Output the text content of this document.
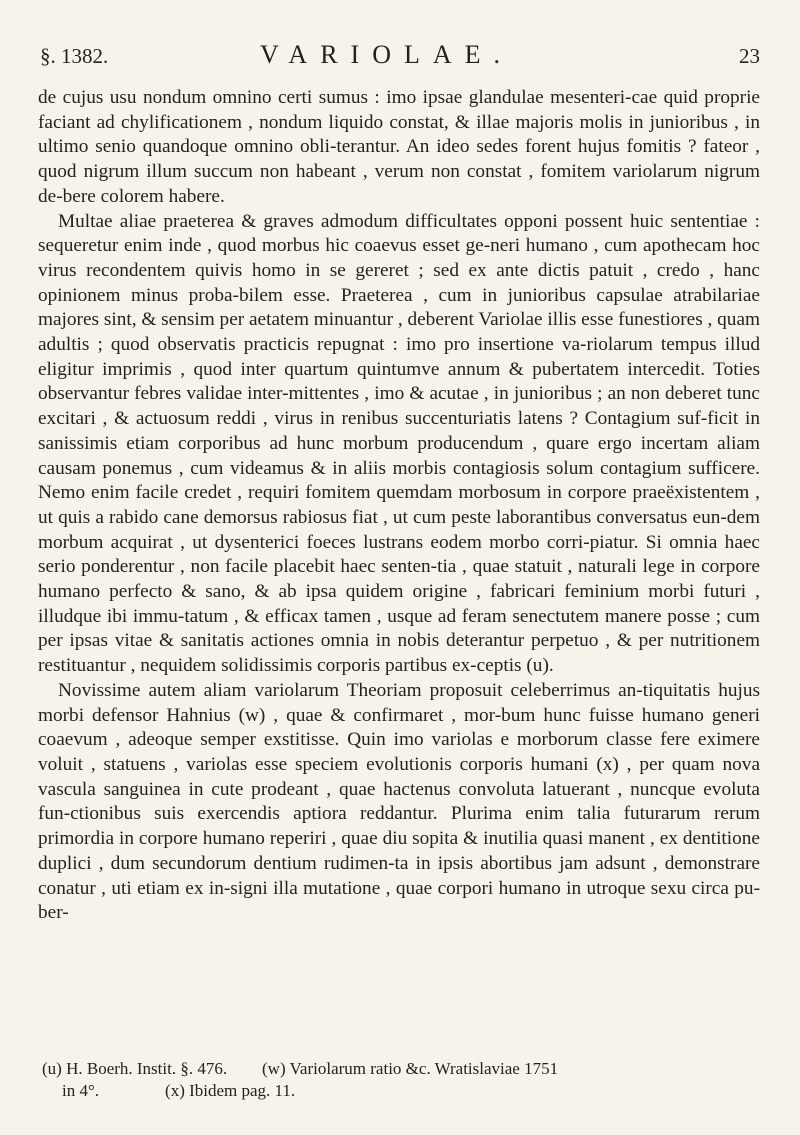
§. 1382.	VARIOLAE.	23

de cujus usu nondum omnino certi sumus : imo ipsae glandulae mesenteri-cae quid proprie faciant ad chylificationem , nondum liquido constat, & illae majoris molis in junioribus , in ultimo senio quandoque omnino obli-terantur. An ideo sedes forent hujus fomitis ? fateor , quod nigrum illum succum non habeant , verum non constat , fomitem variolarum nigrum de-bere colorem habere.

Multae aliae praeterea & graves admodum difficultates opponi possent huic sententiae : sequeretur enim inde , quod morbus hic coaevus esset ge-neri humano , cum apothecam hoc virus recondentem quivis homo in se gereret ; sed ex ante dictis patuit , credo , hanc opinionem minus proba-bilem esse. Praeterea , cum in junioribus capsulae atrabilariae majores sint, & sensim per aetatem minuantur , deberent Variolae illis esse funestiores , quam adultis ; quod observatis practicis repugnat : imo pro insertione va-riolarum tempus illud eligitur imprimis , quod inter quartum quintumve annum & pubertatem intercedit. Toties observantur febres validae inter-mittentes , imo & acutae , in junioribus ; an non deberet tunc excitari , & actuosum reddi , virus in renibus succenturiatis latens ? Contagium suf-ficit in sanissimis etiam corporibus ad hunc morbum producendum , quare ergo incertam aliam causam ponemus , cum videamus & in aliis morbis contagiosis solum contagium sufficere. Nemo enim facile credet , requiri fomitem quemdam morbosum in corpore praeëxistentem , ut quis a rabido cane demorsus rabiosus fiat , ut cum peste laborantibus conversatus eun-dem morbum acquirat , ut dysenterici foeces lustrans eodem morbo corri-piatur. Si omnia haec serio ponderentur , non facile placebit haec senten-tia , quae statuit , naturali lege in corpore humano perfecto & sano, & ab ipsa quidem origine , fabricari feminium morbi futuri , illudque ibi immu-tatum , & efficax tamen , usque ad feram senectutem manere posse ; cum per ipsas vitae & sanitatis actiones omnia in nobis deterantur perpetuo , & per nutritionem restituantur , nequidem solidissimis corporis partibus ex-ceptis (u).

Novissime autem aliam variolarum Theoriam proposuit celeberrimus an-tiquitatis hujus morbi defensor Hahnius (w) , quae & confirmaret , mor-bum hunc fuisse humano generi coaevum , adeoque semper exstitisse. Quin imo variolas e morborum classe fere eximere voluit , statuens , variolas esse speciem evolutionis corporis humani (x) , per quam nova vascula sanguinea in cute prodeant , quae hactenus convoluta latuerant , nuncque evoluta fun-ctionibus suis exercendis aptiora reddantur. Plurima enim talia futurarum rerum primordia in corpore humano reperiri , quae diu sopita & inutilia quasi manent , ex dentitione duplici , dum secundorum dentium rudimen-ta in ipsis abortibus jam adsunt , demonstrare conatur , uti etiam ex in-signi illa mutatione , quae corpori humano in utroque sexu circa pu-ber-

(u) H. Boerh. Instit. §. 476.	(w) Variolarum ratio &c. Wratislaviae 1751
in 4°.	(x) Ibidem pag. 11.
